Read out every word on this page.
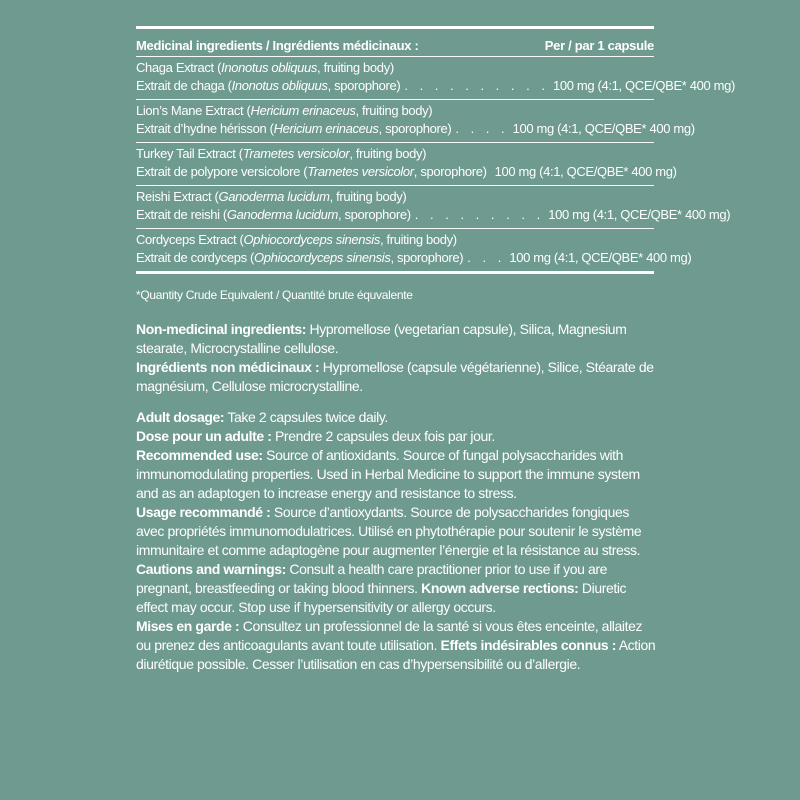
Medicinal ingredients / Ingrédients médicinaux :	Per / par 1 capsule
Chaga Extract (Inonotus obliquus, fruiting body)
Extrait de chaga (Inonotus obliquus, sporophore) . . . . . . . . . . 100 mg (4:1, QCE/QBE* 400 mg)
Lion’s Mane Extract (Hericium erinaceus, fruiting body)
Extrait d’hydne hérisson (Hericium erinaceus, sporophore) . . . . 100 mg (4:1, QCE/QBE* 400 mg)
Turkey Tail Extract (Trametes versicolor, fruiting body)
Extrait de polypore versicolore (Trametes versicolor, sporophore) 100 mg (4:1, QCE/QBE* 400 mg)
Reishi Extract (Ganoderma lucidum, fruiting body)
Extrait de reishi (Ganoderma lucidum, sporophore) . . . . . . . . . 100 mg (4:1, QCE/QBE* 400 mg)
Cordyceps Extract (Ophiocordyceps sinensis, fruiting body)
Extrait de cordyceps (Ophiocordyceps sinensis, sporophore) . . . 100 mg (4:1, QCE/QBE* 400 mg)
*Quantity Crude Equivalent / Quantité brute équvalente

Non-medicinal ingredients: Hypromellose (vegetarian capsule), Silica, Magnesium stearate, Microcrystalline cellulose.

Ingrédients non médicinaux : Hypromellose (capsule végétarienne), Silice, Stéarate de magnésium, Cellulose microcrystalline.

Adult dosage: Take 2 capsules twice daily.

Dose pour un adulte : Prendre 2 capsules deux fois par jour.

Recommended use: Source of antioxidants. Source of fungal polysaccharides with immunomodulating properties. Used in Herbal Medicine to support the immune system and as an adaptogen to increase energy and resistance to stress.

Usage recommandé : Source d’antioxydants. Source de polysaccharides fongiques avec propriétés immunomodulatrices. Utilisé en phytothérapie pour soutenir le système immunitaire et comme adaptogène pour augmenter l’énergie et la résistance au stress.

Cautions and warnings: Consult a health care practitioner prior to use if you are pregnant, breastfeeding or taking blood thinners. Known adverse rections: Diuretic effect may occur. Stop use if hypersensitivity or allergy occurs.

Mises en garde : Consultez un professionnel de la santé si vous êtes enceinte, allaitez ou prenez des anticoagulants avant toute utilisation. Effets indésirables connus : Action diurétique possible. Cesser l’utilisation en cas d’hypersensibilité ou d’allergie.
